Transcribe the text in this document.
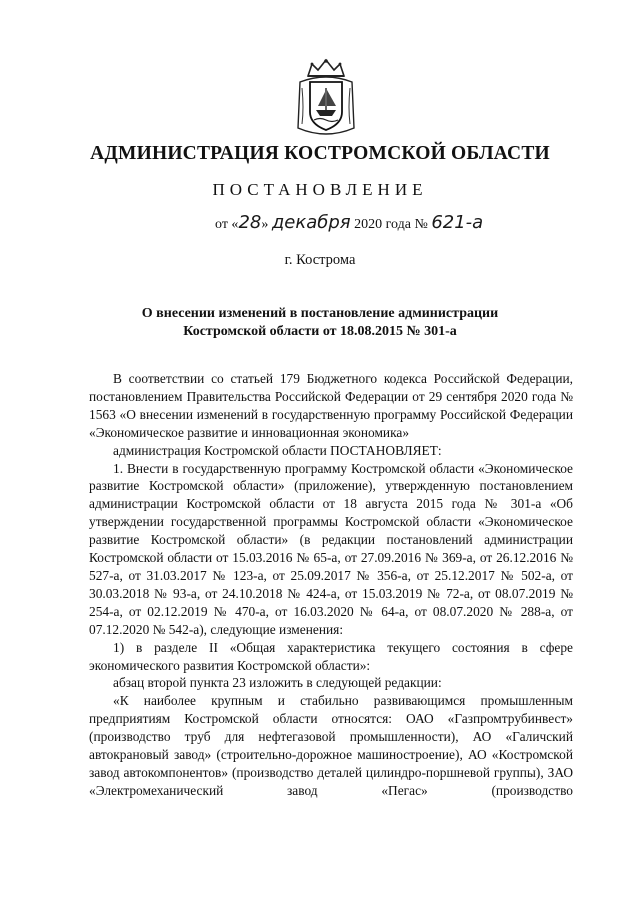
АДМИНИСТРАЦИЯ КОСТРОМСКОЙ ОБЛАСТИ
ПОСТАНОВЛЕНИЕ
от «28» декабря 2020 года № 621-а
г. Кострома
О внесении изменений в постановление администрации
Костромской области от 18.08.2015 № 301-а

В соответствии со статьей 179 Бюджетного кодекса Российской Федерации, постановлением Правительства Российской Федерации от 29 сентября 2020 года № 1563 «О внесении изменений в государственную программу Российской Федерации «Экономическое развитие и инновационная экономика»

администрация Костромской области ПОСТАНОВЛЯЕТ:

1. Внести в государственную программу Костромской области «Экономическое развитие Костромской области» (приложение), утвержденную постановлением администрации Костромской области от 18 августа 2015 года № 301-а «Об утверждении государственной программы Костромской области «Экономическое развитие Костромской области» (в редакции постановлений администрации Костромской области от 15.03.2016 № 65-а, от 27.09.2016 № 369-а, от 26.12.2016 № 527-а, от 31.03.2017 № 123-а, от 25.09.2017 № 356-а, от 25.12.2017 № 502-а, от 30.03.2018 № 93-а, от 24.10.2018 № 424-а, от 15.03.2019 № 72-а, от 08.07.2019 № 254-а, от 02.12.2019 № 470-а, от 16.03.2020 № 64-а, от 08.07.2020 № 288-а, от 07.12.2020 № 542-а), следующие изменения:

1) в разделе II «Общая характеристика текущего состояния в сфере экономического развития Костромской области»:

абзац второй пункта 23 изложить в следующей редакции:

«К наиболее крупным и стабильно развивающимся промышленным предприятиям Костромской области относятся: ОАО «Газпромтрубинвест» (производство труб для нефтегазовой промышленности), АО «Галичский автокрановый завод» (строительно-дорожное машиностроение), АО «Костромской завод автокомпонентов» (производство деталей цилиндро-поршневой группы), ЗАО «Электромеханический завод «Пегас» (производство
